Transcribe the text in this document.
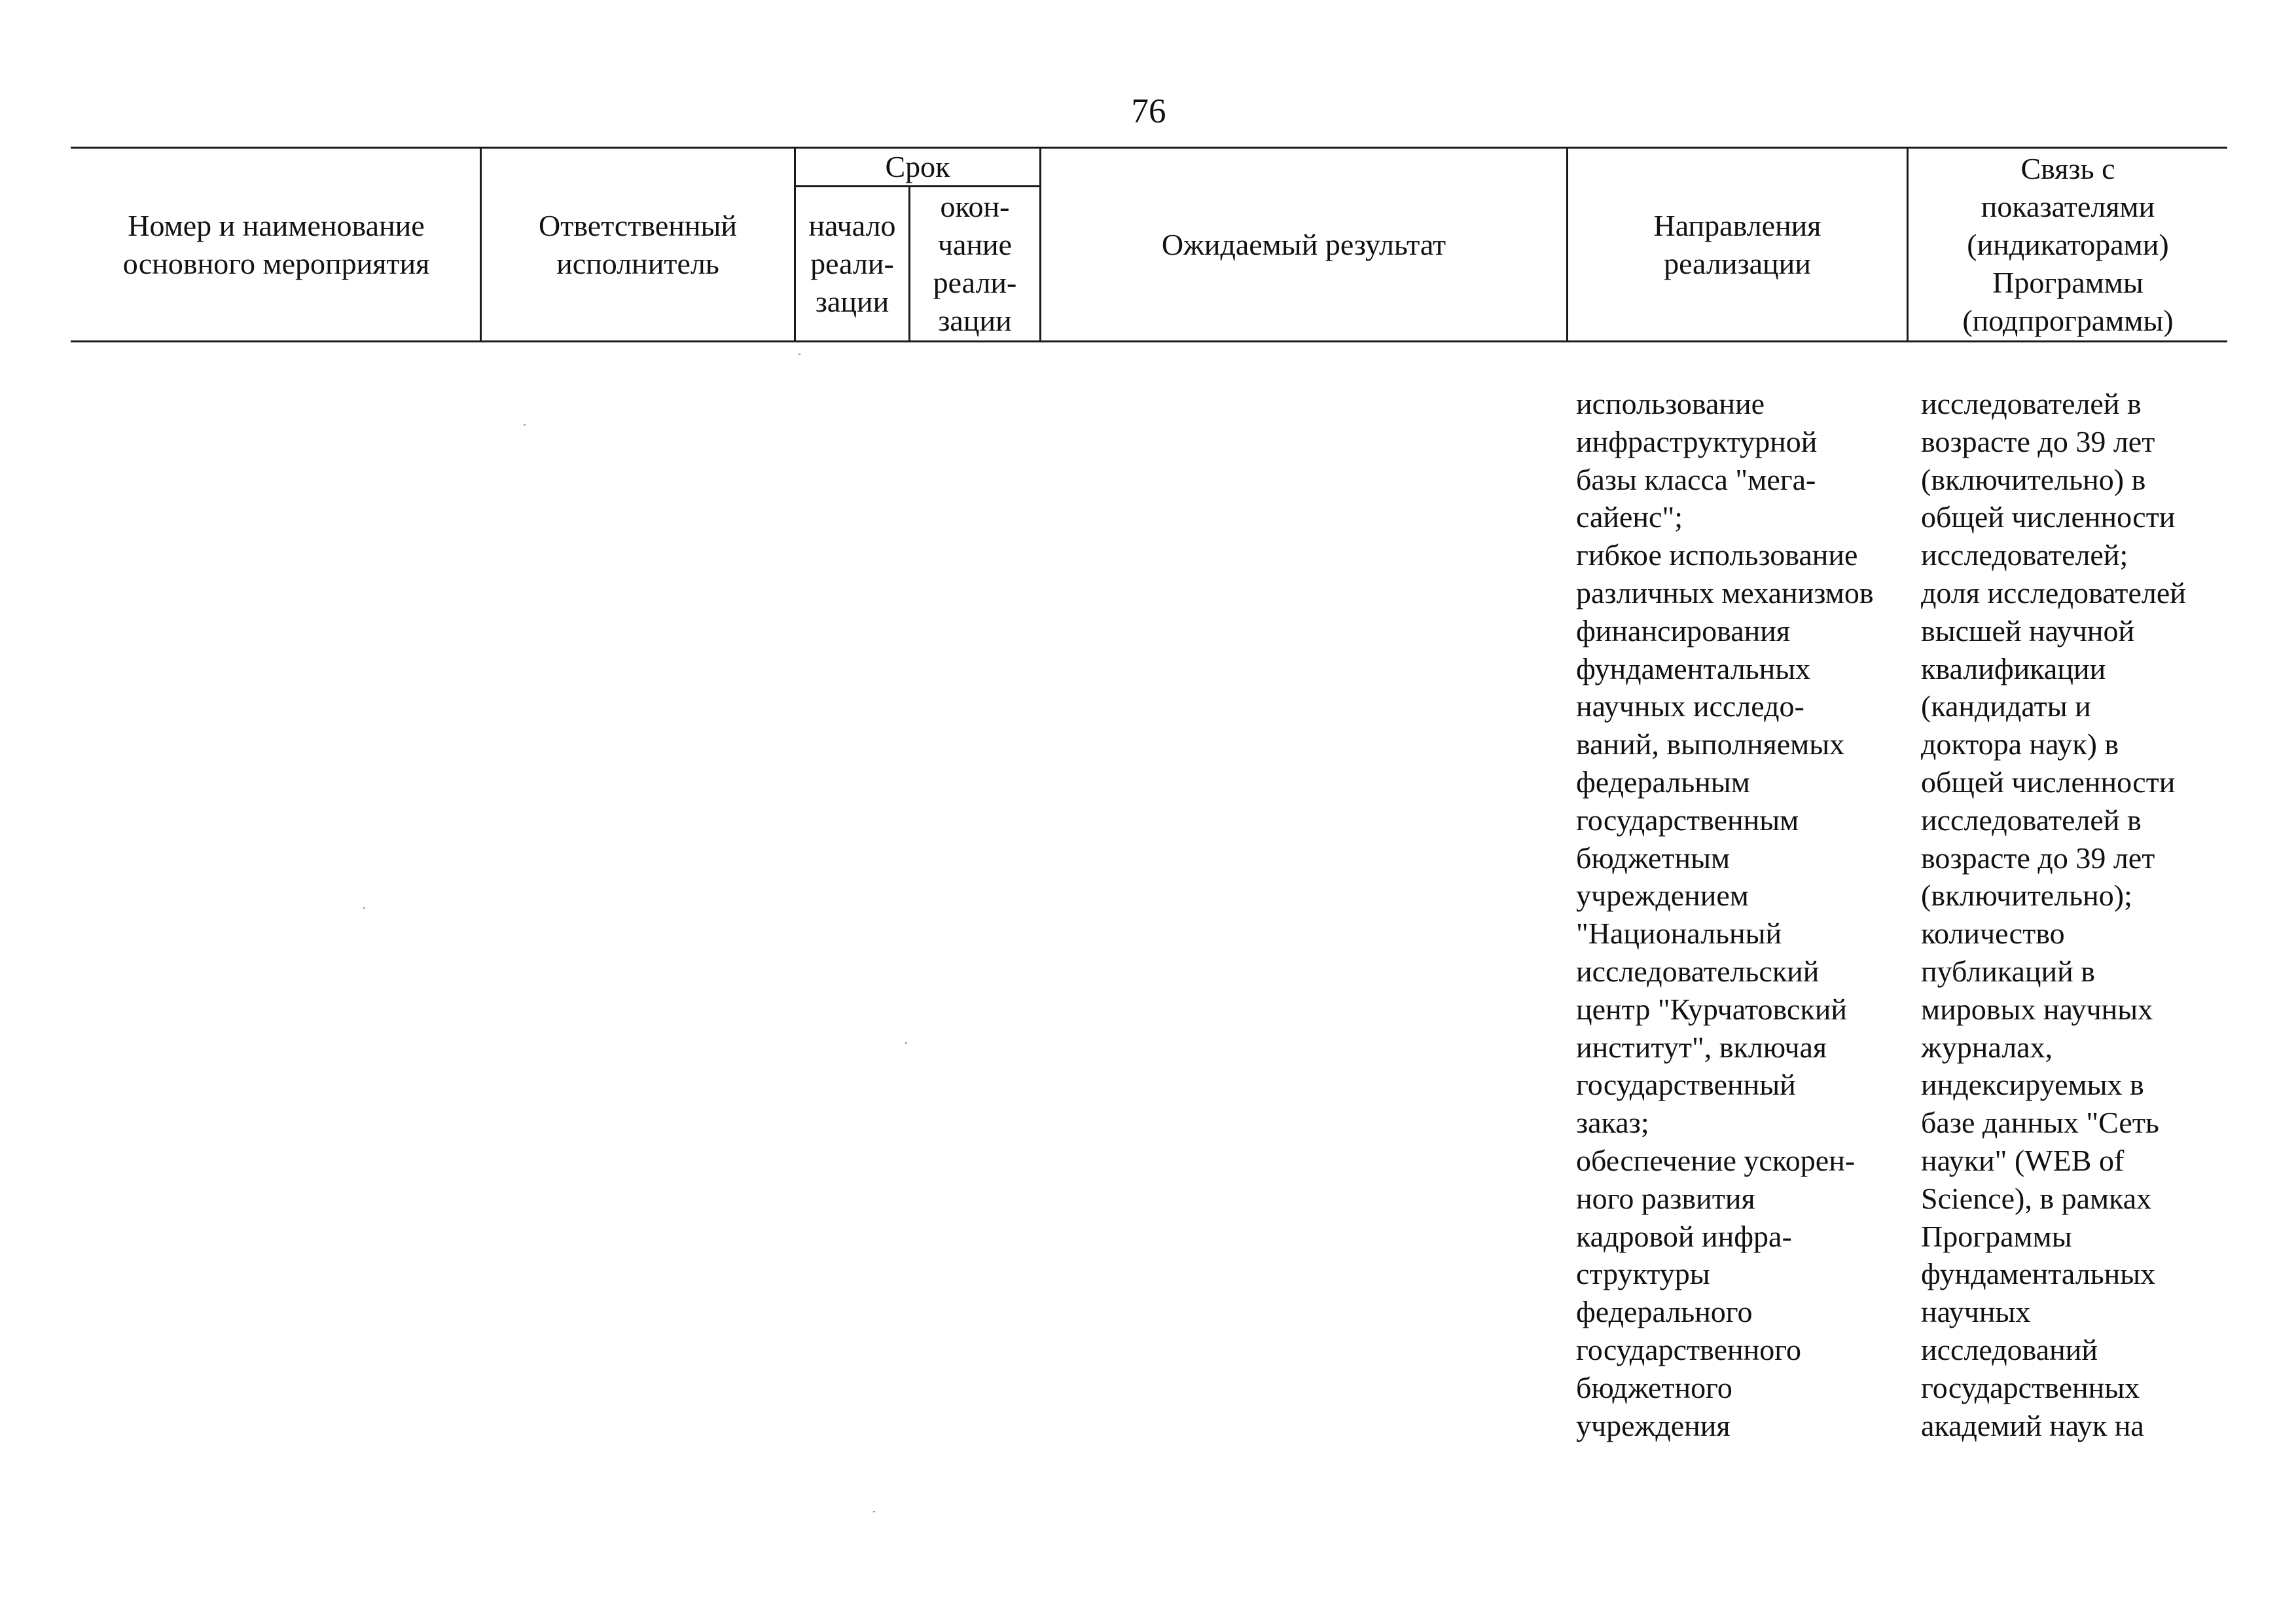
76
Номер и наименование
основного мероприятия
Ответственный
исполнитель
Срок
начало
реали-
зации
окон-
чание
реали-
зации
Ожидаемый результат
Направления
реализации
Связь с
показателями
(индикаторами)
Программы
(подпрограммы)
использование
инфраструктурной
базы класса "мега-
сайенс";
гибкое использование
различных механизмов
финансирования
фундаментальных
научных исследо-
ваний, выполняемых
федеральным
государственным
бюджетным
учреждением
"Национальный
исследовательский
центр "Курчатовский
институт", включая
государственный
заказ;
обеспечение ускорен-
ного развития
кадровой инфра-
структуры
федерального
государственного
бюджетного
учреждения
исследователей в
возрасте до 39 лет
(включительно) в
общей численности
исследователей;
доля исследователей
высшей научной
квалификации
(кандидаты и
доктора наук) в
общей численности
исследователей в
возрасте до 39 лет
(включительно);
количество
публикаций в
мировых научных
журналах,
индексируемых в
базе данных "Сеть
науки" (WEB of
Science), в рамках
Программы
фундаментальных
научных
исследований
государственных
академий наук на
